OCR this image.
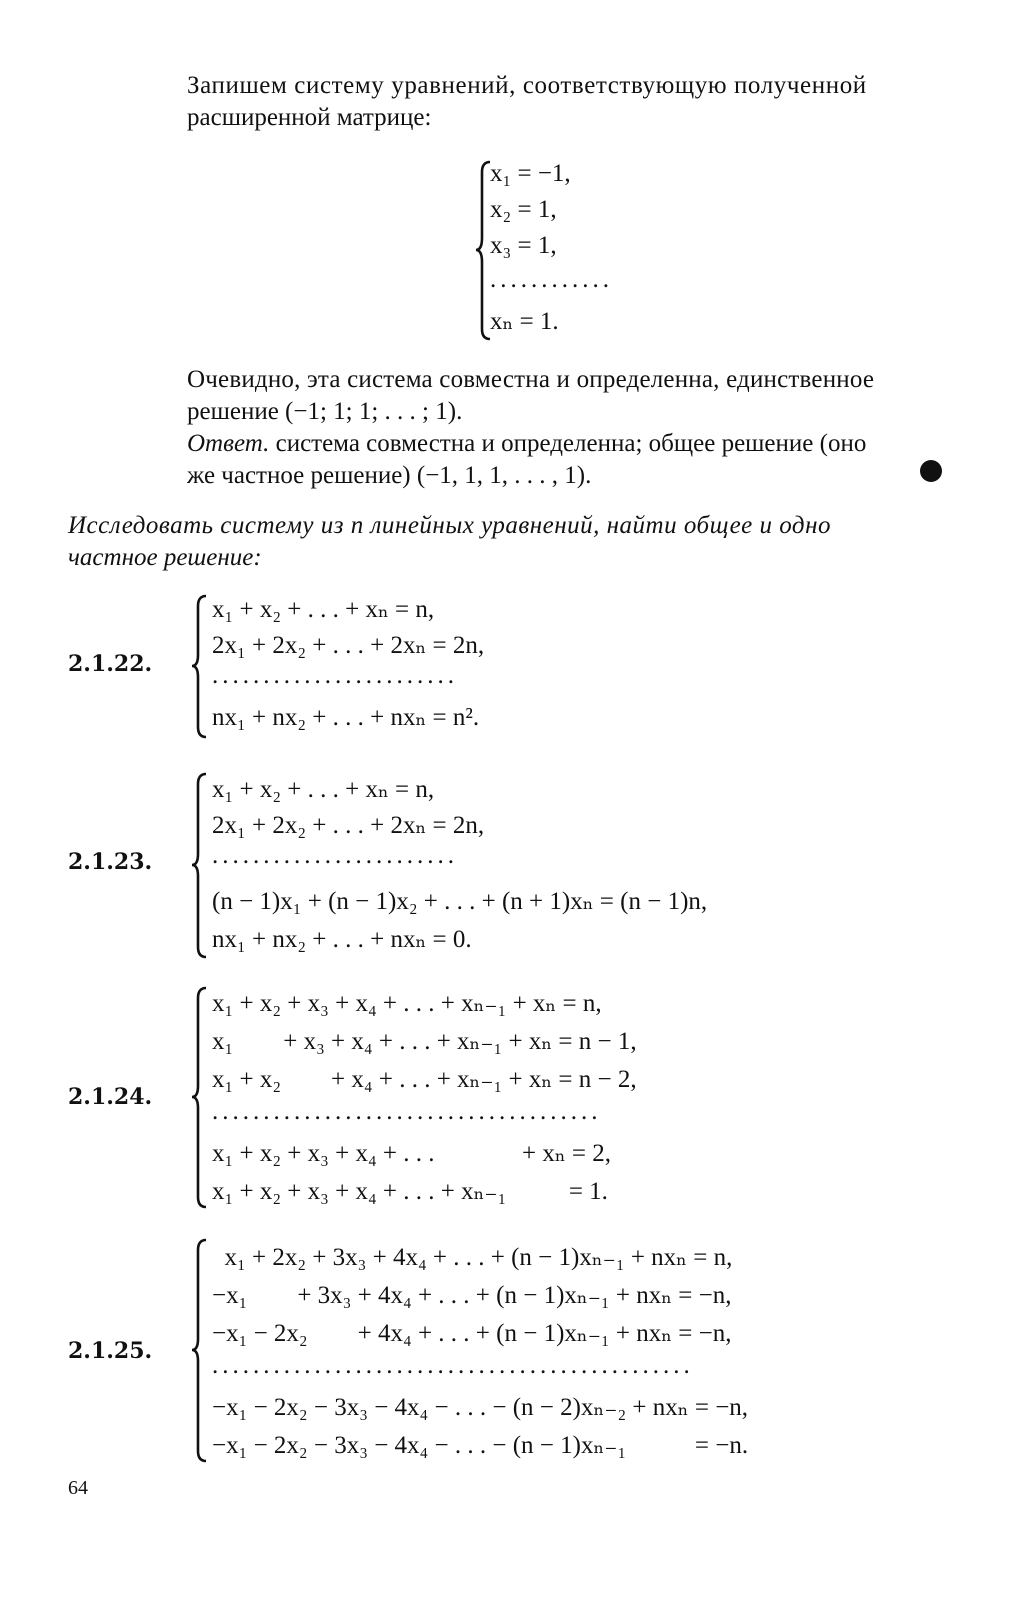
Запишем систему уравнений, соответствующую полученной
расширенной матрице:
x₁ = −1,
x₂ = 1,
x₃ = 1,
............
xₙ = 1.
Очевидно, эта система совместна и определенна, единственное
решение (−1; 1; 1; . . . ; 1).
Ответ. система совместна и определенна; общее решение (оно
же частное решение) (−1, 1, 1, . . . , 1).
Исследовать систему из n линейных уравнений, найти общее и одно
частное решение:
2.1.22.
x₁ + x₂ + . . . + xₙ = n,
2x₁ + 2x₂ + . . . + 2xₙ = 2n,
........................
nx₁ + nx₂ + . . . + nxₙ = n².
2.1.23.
x₁ + x₂ + . . . + xₙ = n,
2x₁ + 2x₂ + . . . + 2xₙ = 2n,
........................
(n − 1)x₁ + (n − 1)x₂ + . . . + (n + 1)xₙ = (n − 1)n,
nx₁ + nx₂ + . . . + nxₙ = 0.
2.1.24.
x₁ + x₂ + x₃ + x₄ + . . . + xₙ₋₁ + xₙ = n,
x₁        + x₃ + x₄ + . . . + xₙ₋₁ + xₙ = n − 1,
x₁ + x₂        + x₄ + . . . + xₙ₋₁ + xₙ = n − 2,
......................................
x₁ + x₂ + x₃ + x₄ + . . .              + xₙ = 2,
x₁ + x₂ + x₃ + x₄ + . . . + xₙ₋₁          = 1.
2.1.25.
x₁ + 2x₂ + 3x₃ + 4x₄ + . . . + (n − 1)xₙ₋₁ + nxₙ = n,
−x₁        + 3x₃ + 4x₄ + . . . + (n − 1)xₙ₋₁ + nxₙ = −n,
−x₁ − 2x₂        + 4x₄ + . . . + (n − 1)xₙ₋₁ + nxₙ = −n,
...............................................
−x₁ − 2x₂ − 3x₃ − 4x₄ − . . . − (n − 2)xₙ₋₂ + nxₙ = −n,
−x₁ − 2x₂ − 3x₃ − 4x₄ − . . . − (n − 1)xₙ₋₁           = −n.
64
